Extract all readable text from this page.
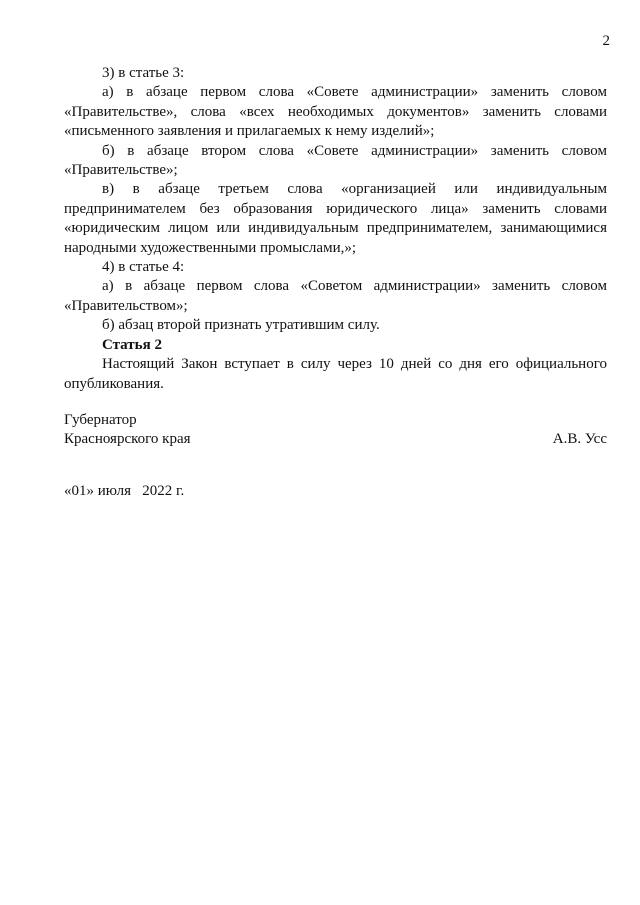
2

3) в статье 3:

а) в абзаце первом слова «Совете администрации» заменить словом «Правительстве», слова «всех необходимых документов» заменить словами «письменного заявления и прилагаемых к нему изделий»;

б) в абзаце втором слова «Совете администрации» заменить словом «Правительстве»;

в) в абзаце третьем слова «организацией или индивидуальным предпринимателем без образования юридического лица» заменить словами «юридическим лицом или индивидуальным предпринимателем, занимающимися народными художественными промыслами,»;

4) в статье 4:

а) в абзаце первом слова «Советом администрации» заменить словом «Правительством»;

б) абзац второй признать утратившим силу.

Статья 2

Настоящий Закон вступает в силу через 10 дней со дня его официального опубликования.

Губернатор
Красноярского края	А.В. Усс
«01» июля   2022 г.
